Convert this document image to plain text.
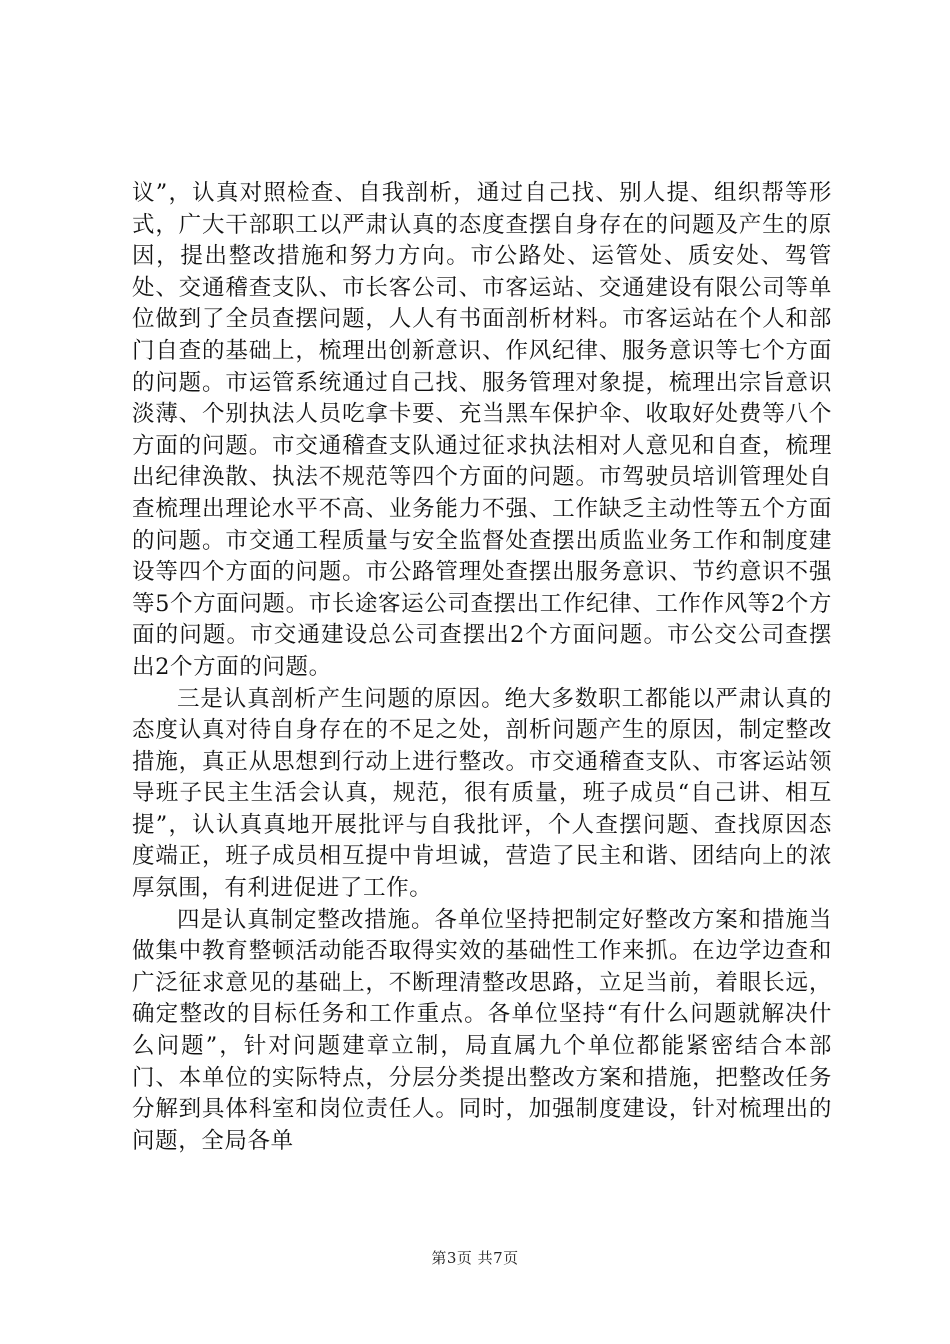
议”，认真对照检查、自我剖析，通过自己找、别人提、组织帮等形式，广大干部职工以严肃认真的态度查摆自身存在的问题及产生的原因，提出整改措施和努力方向。市公路处、运管处、质安处、驾管处、交通稽查支队、市长客公司、市客运站、交通建设有限公司等单位做到了全员查摆问题，人人有书面剖析材料。市客运站在个人和部门自查的基础上，梳理出创新意识、作风纪律、服务意识等七个方面的问题。市运管系统通过自己找、服务管理对象提，梳理出宗旨意识淡薄、个别执法人员吃拿卡要、充当黑车保护伞、收取好处费等八个方面的问题。市交通稽查支队通过征求执法相对人意见和自查，梳理出纪律涣散、执法不规范等四个方面的问题。市驾驶员培训管理处自查梳理出理论水平不高、业务能力不强、工作缺乏主动性等五个方面的问题。市交通工程质量与安全监督处查摆出质监业务工作和制度建设等四个方面的问题。市公路管理处查摆出服务意识、节约意识不强等5个方面问题。市长途客运公司查摆出工作纪律、工作作风等2个方面的问题。市交通建设总公司查摆出2个方面问题。市公交公司查摆出2个方面的问题。

三是认真剖析产生问题的原因。绝大多数职工都能以严肃认真的态度认真对待自身存在的不足之处，剖析问题产生的原因，制定整改措施，真正从思想到行动上进行整改。市交通稽查支队、市客运站领导班子民主生活会认真，规范，很有质量，班子成员“自己讲、相互提”，认认真真地开展批评与自我批评，个人查摆问题、查找原因态度端正，班子成员相互提中肯坦诚，营造了民主和谐、团结向上的浓厚氛围，有利进促进了工作。

四是认真制定整改措施。各单位坚持把制定好整改方案和措施当做集中教育整顿活动能否取得实效的基础性工作来抓。在边学边查和广泛征求意见的基础上，不断理清整改思路，立足当前，着眼长远，确定整改的目标任务和工作重点。各单位坚持“有什么问题就解决什么问题”，针对问题建章立制，局直属九个单位都能紧密结合本部门、本单位的实际特点，分层分类提出整改方案和措施，把整改任务分解到具体科室和岗位责任人。同时，加强制度建设，针对梳理出的问题，全局各单

第3页 共7页
